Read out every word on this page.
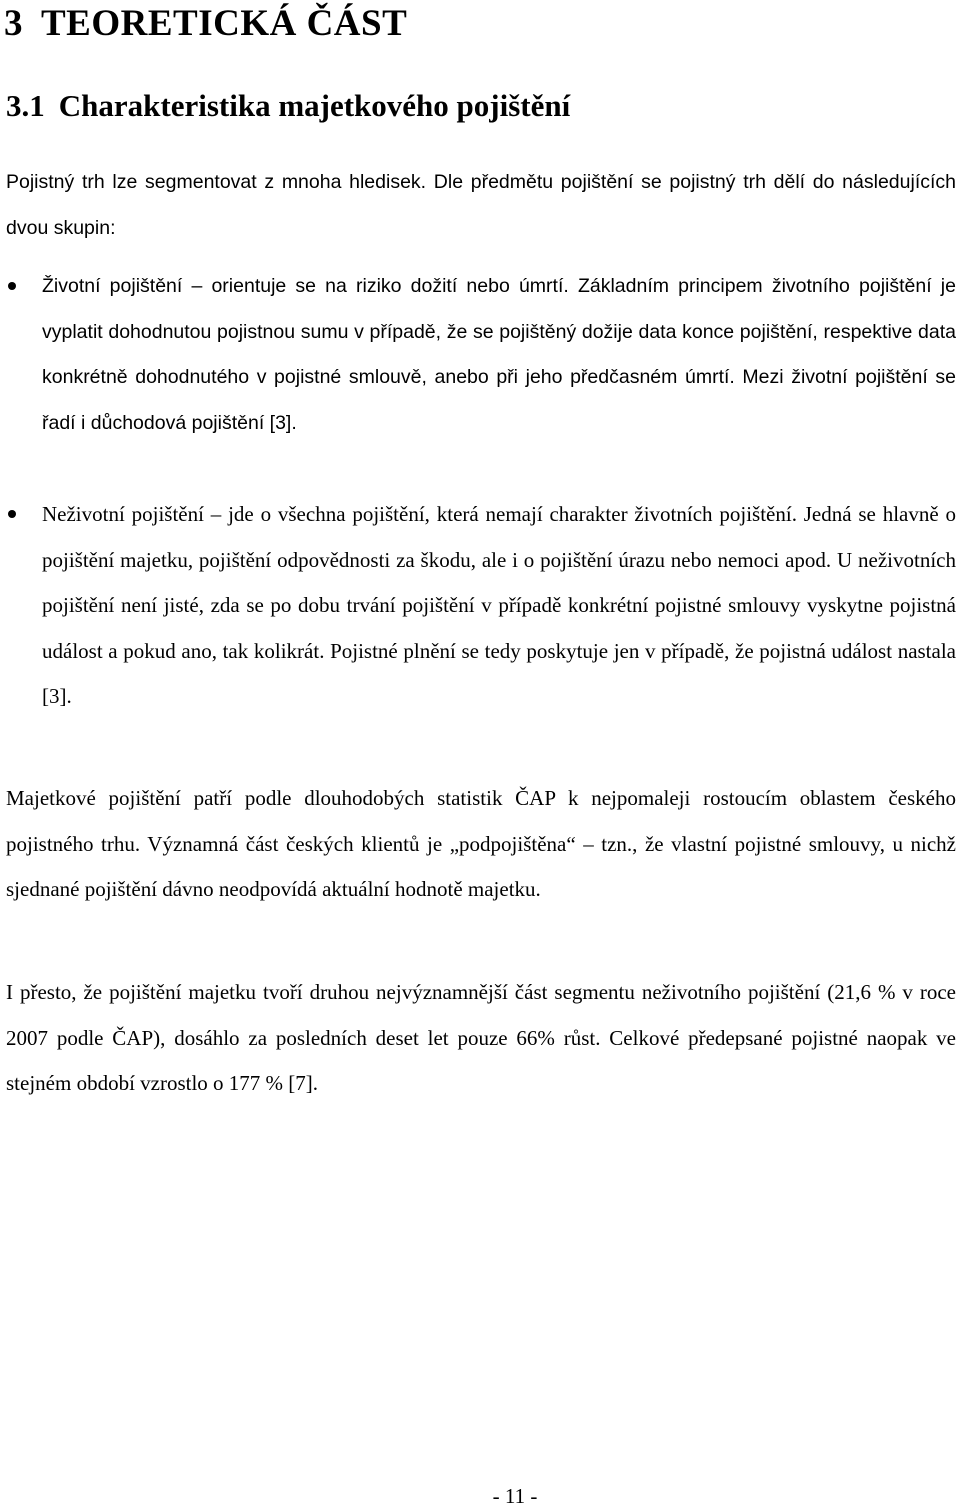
3 TEORETICKÁ ČÁST
3.1 Charakteristika majetkového pojištění

Pojistný trh lze segmentovat z mnoha hledisek. Dle předmětu pojištění se pojistný trh dělí do následujících dvou skupin:

Životní pojištění – orientuje se na riziko dožití nebo úmrtí. Základním principem životního pojištění je vyplatit dohodnutou pojistnou sumu v případě, že se pojištěný dožije data konce pojištění, respektive data konkrétně dohodnutého v pojistné smlouvě, anebo při jeho předčasném úmrtí. Mezi životní pojištění se řadí i důchodová pojištění [3].

Neživotní pojištění – jde o všechna pojištění, která nemají charakter životních pojištění. Jedná se hlavně o pojištění majetku, pojištění odpovědnosti za škodu, ale i o pojištění úrazu nebo nemoci apod. U neživotních pojištění není jisté, zda se po dobu trvání pojištění v případě konkrétní pojistné smlouvy vyskytne pojistná událost a pokud ano, tak kolikrát. Pojistné plnění se tedy poskytuje jen v případě, že pojistná událost nastala [3].

Majetkové pojištění patří podle dlouhodobých statistik ČAP k nejpomaleji rostoucím oblastem českého pojistného trhu. Významná část českých klientů je „podpojištěna“ – tzn., že vlastní pojistné smlouvy, u nichž sjednané pojištění dávno neodpovídá aktuální hodnotě majetku.

I přesto, že pojištění majetku tvoří druhou nejvýznamnější část segmentu neživotního pojištění (21,6 % v roce 2007 podle ČAP), dosáhlo za posledních deset let pouze 66% růst. Celkové předepsané pojistné naopak ve stejném období vzrostlo o 177 % [7].

- 11 -
